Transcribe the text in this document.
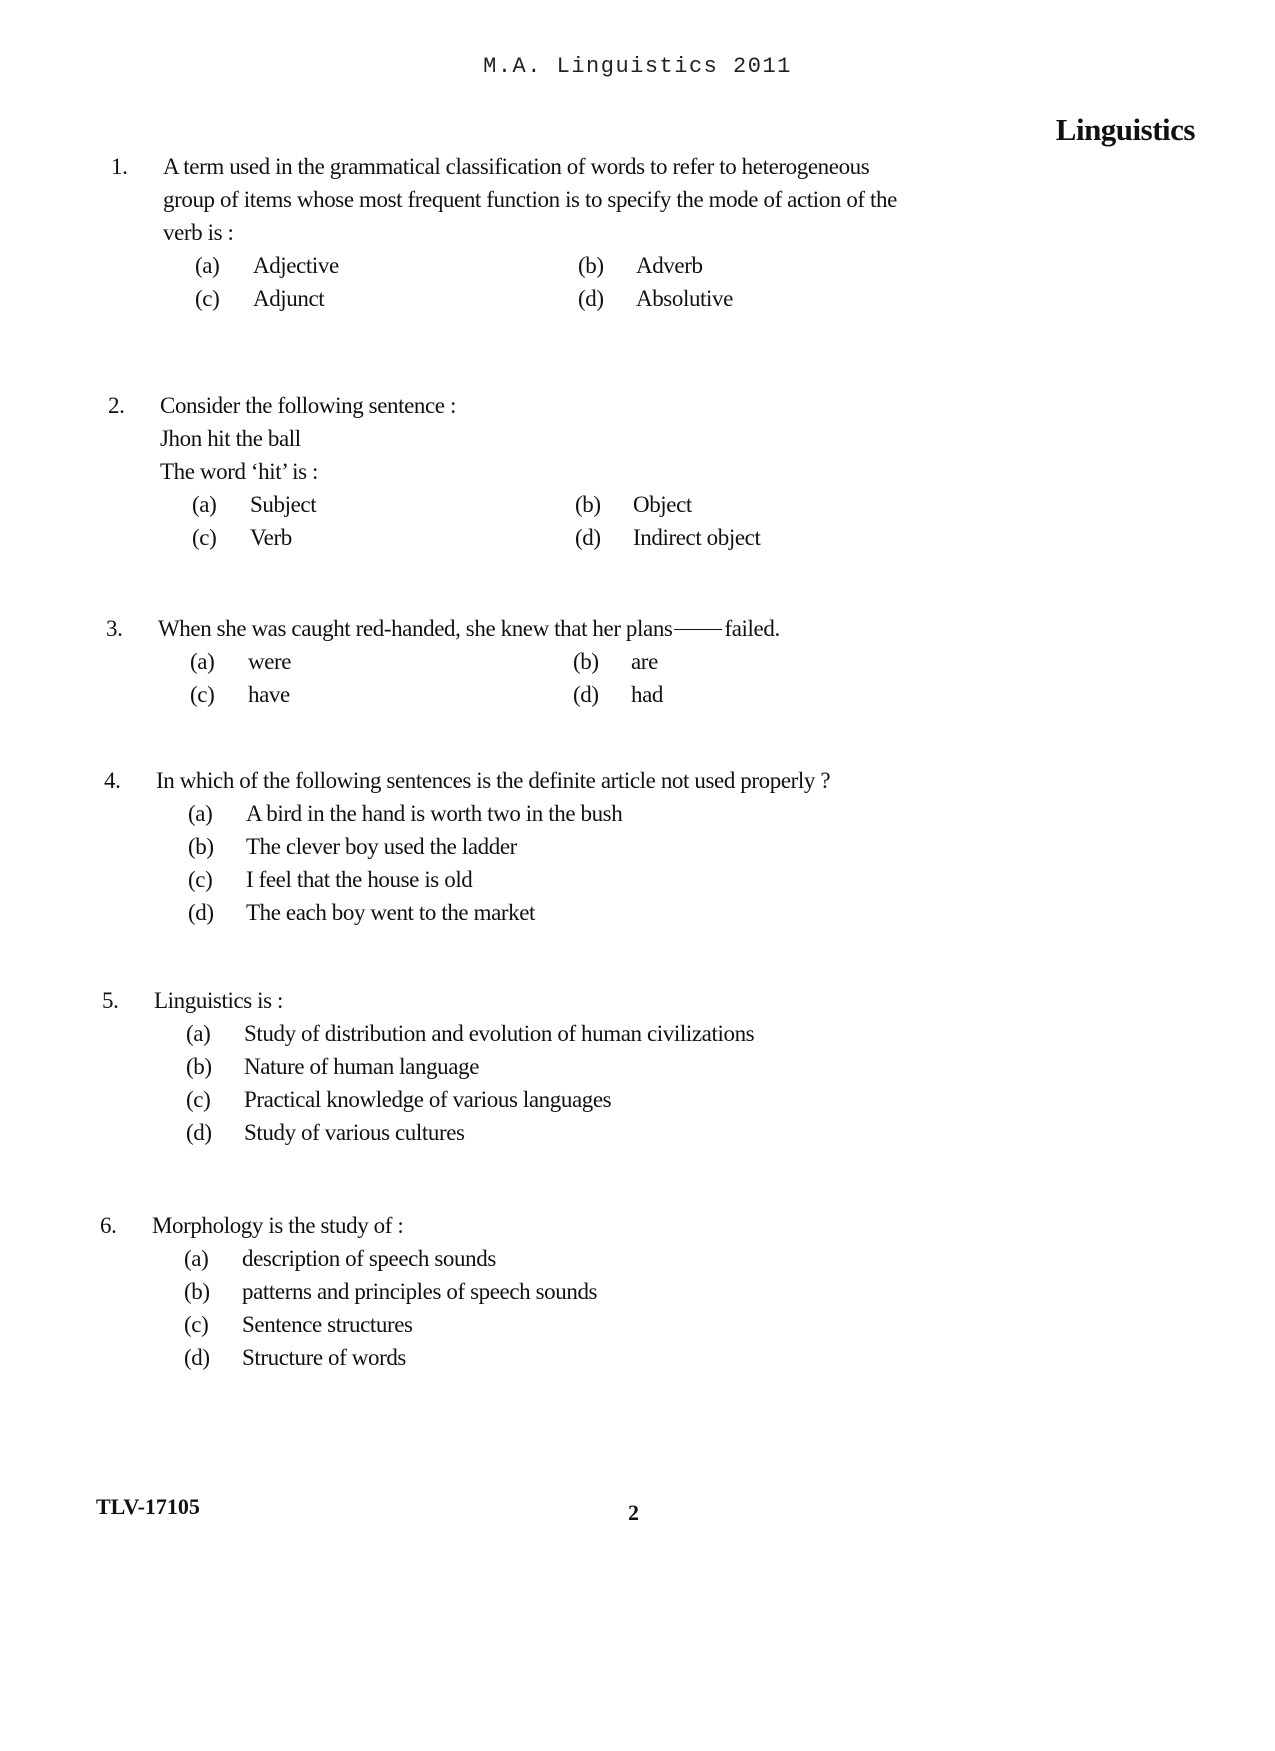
M.A. Linguistics 2011
Linguistics
1. A term used in the grammatical classification of words to refer to heterogeneous
group of items whose most frequent function is to specify the mode of action of the
verb is :
(a)	Adjective	(b)	Adverb
(c)	Adjunct	(d)	Absolutive
2. Consider the following sentence :
Jhon hit the ball
The word ‘hit’ is :
(a)	Subject	(b)	Object
(c)	Verb	(d)	Indirect object
3. When she was caught red-handed, she knew that her plans failed.
(a)	were	(b)	are
(c)	have	(d)	had
4. In which of the following sentences is the definite article not used properly ?
(a)	A bird in the hand is worth two in the bush
(b)	The clever boy used the ladder
(c)	I feel that the house is old
(d)	The each boy went to the market
5. Linguistics is :
(a)	Study of distribution and evolution of human civilizations
(b)	Nature of human language
(c)	Practical knowledge of various languages
(d)	Study of various cultures
6. Morphology is the study of :
(a)	description of speech sounds
(b)	patterns and principles of speech sounds
(c)	Sentence structures
(d)	Structure of words
TLV-17105	2
